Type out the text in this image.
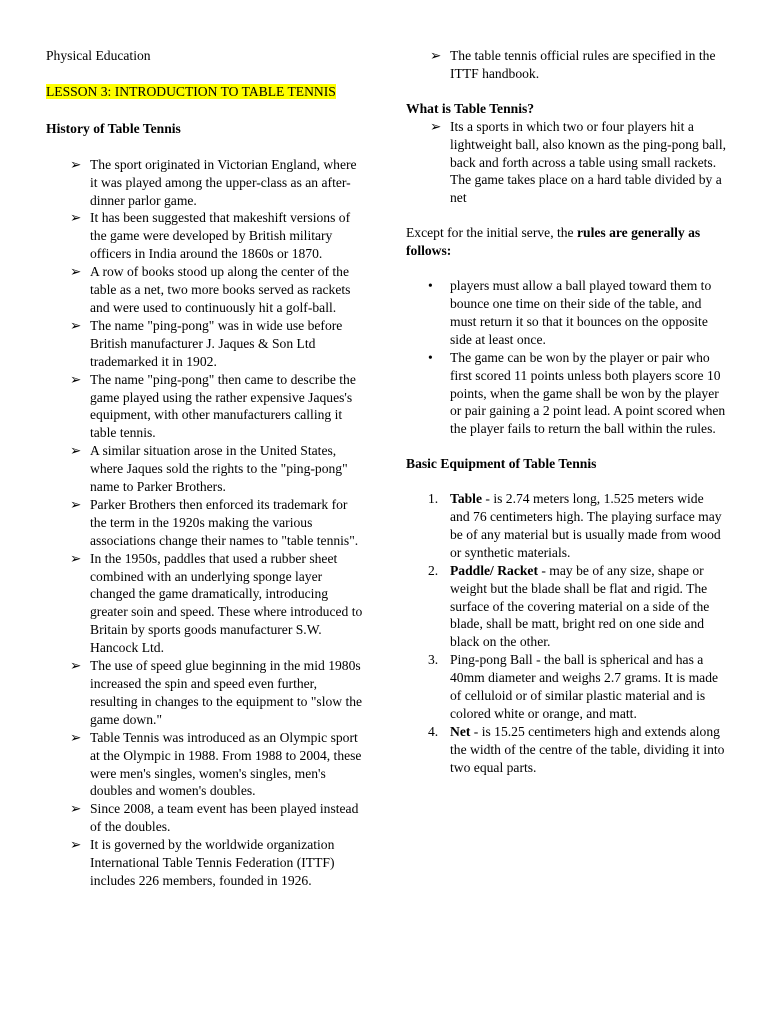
Physical Education

LESSON 3: INTRODUCTION TO TABLE TENNIS
History of Table Tennis
➢ The sport originated in Victorian England, where it was played among the upper-class as an after-dinner parlor game.
➢ It has been suggested that makeshift versions of the game were developed by British military officers in India around the 1860s or 1870.
➢ A row of books stood up along the center of the table as a net, two more books served as rackets and were used to continuously hit a golf-ball.
➢ The name "ping-pong" was in wide use before British manufacturer J. Jaques & Son Ltd trademarked it in 1902.
➢ The name "ping-pong" then came to describe the game played using the rather expensive Jaques's equipment, with other manufacturers calling it table tennis.
➢ A similar situation arose in the United States, where Jaques sold the rights to the "ping-pong" name to Parker Brothers.
➢ Parker Brothers then enforced its trademark for the term in the 1920s making the various associations change their names to "table tennis".
➢ In the 1950s, paddles that used a rubber sheet combined with an underlying sponge layer changed the game dramatically, introducing greater soin and speed. These where introduced to Britain by sports goods manufacturer S.W. Hancock Ltd.
➢ The use of speed glue beginning in the mid 1980s increased the spin and speed even further, resulting in changes to the equipment to "slow the game down."
➢ Table Tennis was introduced as an Olympic sport at the Olympic in 1988. From 1988 to 2004, these were men's singles, women's singles, men's doubles and women's doubles.
➢ Since 2008, a team event has been played instead of the doubles.
➢ It is governed by the worldwide organization International Table Tennis Federation (ITTF) includes 226 members, founded in 1926.
➢ The table tennis official rules are specified in the ITTF handbook.
What is Table Tennis?
➢ Its a sports in which two or four players hit a lightweight ball, also known as the ping-pong ball, back and forth across a table using small rackets. The game takes place on a hard table divided by a net

Except for the initial serve, the rules are generally as follows:

• players must allow a ball played toward them to bounce one time on their side of the table, and must return it so that it bounces on the opposite side at least once.
• The game can be won by the player or pair who first scored 11 points unless both players score 10 points, when the game shall be won by the player or pair gaining a 2 point lead. A point scored when the player fails to return the ball within the rules.
Basic Equipment of Table Tennis
1. Table - is 2.74 meters long, 1.525 meters wide and 76 centimeters high. The playing surface may be of any material but is usually made from wood or synthetic materials.
2. Paddle/ Racket - may be of any size, shape or weight but the blade shall be flat and rigid. The surface of the covering material on a side of the blade, shall be matt, bright red on one side and black on the other.
3. Ping-pong Ball - the ball is spherical and has a 40mm diameter and weighs 2.7 grams. It is made of celluloid or of similar plastic material and is colored white or orange, and matt.
4. Net - is 15.25 centimeters high and extends along the width of the centre of the table, dividing it into two equal parts.
